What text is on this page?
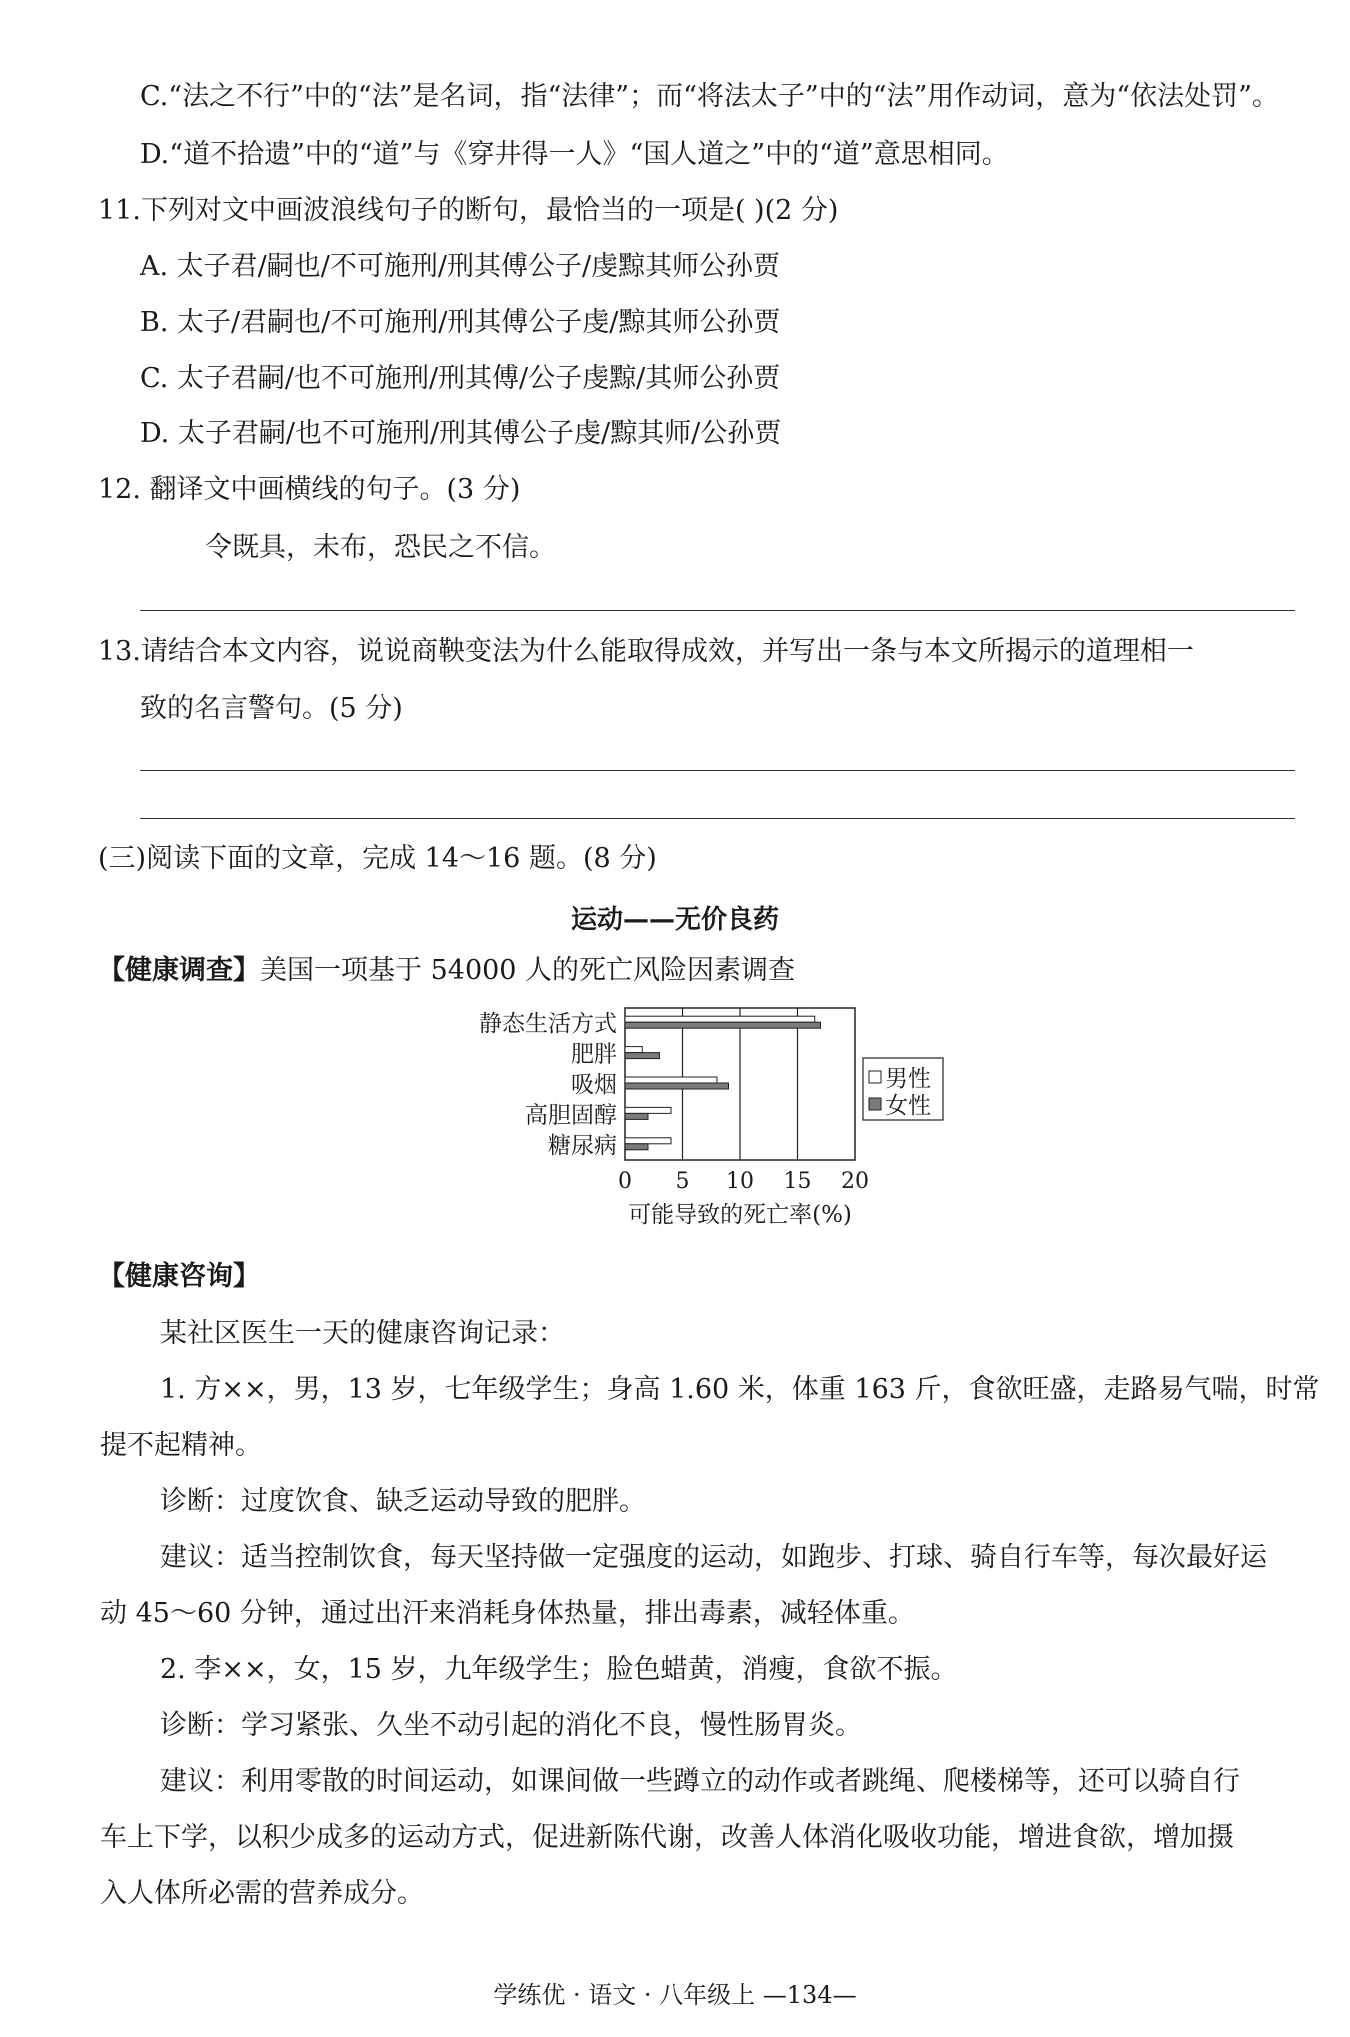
C.“法之不行”中的“法”是名词，指“法律”；而“将法太子”中的“法”用作动词，意为“依法处罚”。
D.“道不拾遗”中的“道”与《穿井得一人》“国人道之”中的“道”意思相同。
11.下列对文中画波浪线句子的断句，最恰当的一项是( )(2 分)
A. 太子君/嗣也/不可施刑/刑其傅公子/虔黥其师公孙贾
B. 太子/君嗣也/不可施刑/刑其傅公子虔/黥其师公孙贾
C. 太子君嗣/也不可施刑/刑其傅/公子虔黥/其师公孙贾
D. 太子君嗣/也不可施刑/刑其傅公子虔/黥其师/公孙贾
12. 翻译文中画横线的句子。(3 分)
令既具，未布，恐民之不信。
13.请结合本文内容，说说商鞅变法为什么能取得成效，并写出一条与本文所揭示的道理相一
致的名言警句。(5 分)
(三)阅读下面的文章，完成 14～16 题。(8 分)
运动——无价良药
【健康调查】美国一项基于 54000 人的死亡风险因素调查
0 5 10 15 20
静态生活方式
肥胖
吸烟
高胆固醇
糖尿病
可能导致的死亡率(%)
男性
女性
【健康咨询】
某社区医生一天的健康咨询记录：
1. 方××，男，13 岁，七年级学生；身高 1.60 米，体重 163 斤，食欲旺盛，走路易气喘，时常
提不起精神。
诊断：过度饮食、缺乏运动导致的肥胖。
建议：适当控制饮食，每天坚持做一定强度的运动，如跑步、打球、骑自行车等，每次最好运
动 45～60 分钟，通过出汗来消耗身体热量，排出毒素，减轻体重。
2. 李××，女，15 岁，九年级学生；脸色蜡黄，消瘦，食欲不振。
诊断：学习紧张、久坐不动引起的消化不良，慢性肠胃炎。
建议：利用零散的时间运动，如课间做一些蹲立的动作或者跳绳、爬楼梯等，还可以骑自行
车上下学，以积少成多的运动方式，促进新陈代谢，改善人体消化吸收功能，增进食欲，增加摄
入人体所必需的营养成分。
学练优 · 语文 · 八年级上 —134—
